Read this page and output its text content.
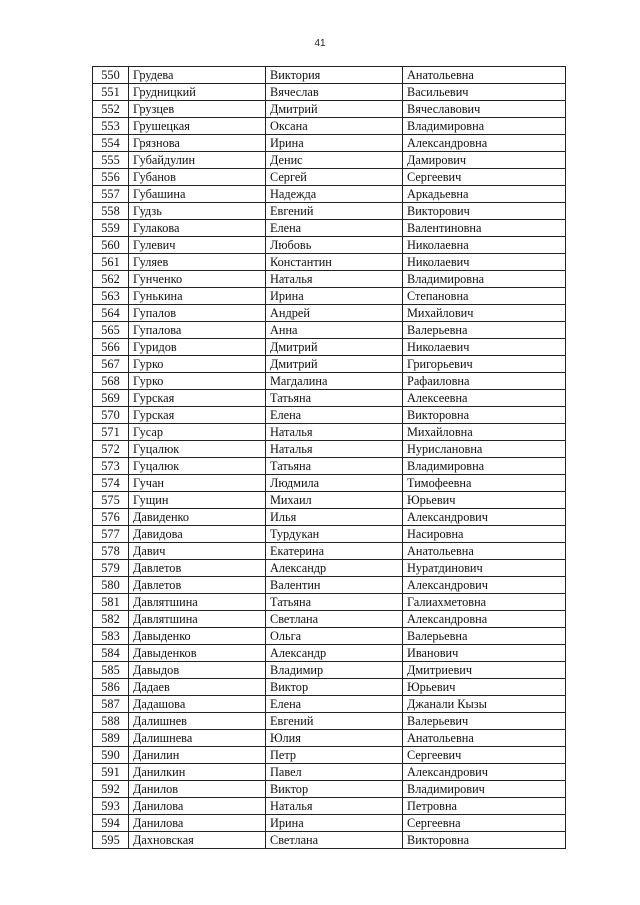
41
550	Грудева	Виктория	Анатольевна
551	Грудницкий	Вячеслав	Васильевич
552	Грузцев	Дмитрий	Вячеславович
553	Грушецкая	Оксана	Владимировна
554	Грязнова	Ирина	Александровна
555	Губайдулин	Денис	Дамирович
556	Губанов	Сергей	Сергеевич
557	Губашина	Надежда	Аркадьевна
558	Гудзь	Евгений	Викторович
559	Гулакова	Елена	Валентиновна
560	Гулевич	Любовь	Николаевна
561	Гуляев	Константин	Николаевич
562	Гунченко	Наталья	Владимировна
563	Гунькина	Ирина	Степановна
564	Гупалов	Андрей	Михайлович
565	Гупалова	Анна	Валерьевна
566	Гуридов	Дмитрий	Николаевич
567	Гурко	Дмитрий	Григорьевич
568	Гурко	Магдалина	Рафаиловна
569	Гурская	Татьяна	Алексеевна
570	Гурская	Елена	Викторовна
571	Гусар	Наталья	Михайловна
572	Гуцалюк	Наталья	Нурислановна
573	Гуцалюк	Татьяна	Владимировна
574	Гучан	Людмила	Тимофеевна
575	Гущин	Михаил	Юрьевич
576	Давиденко	Илья	Александрович
577	Давидова	Турдукан	Насировна
578	Давич	Екатерина	Анатольевна
579	Давлетов	Александр	Нуратдинович
580	Давлетов	Валентин	Александрович
581	Давлятшина	Татьяна	Галиахметовна
582	Давлятшина	Светлана	Александровна
583	Давыденко	Ольга	Валерьевна
584	Давыденков	Александр	Иванович
585	Давыдов	Владимир	Дмитриевич
586	Дадаев	Виктор	Юрьевич
587	Дадашова	Елена	Джанали Кызы
588	Далишнев	Евгений	Валерьевич
589	Далишнева	Юлия	Анатольевна
590	Данилин	Петр	Сергеевич
591	Данилкин	Павел	Александрович
592	Данилов	Виктор	Владимирович
593	Данилова	Наталья	Петровна
594	Данилова	Ирина	Сергеевна
595	Дахновская	Светлана	Викторовна
